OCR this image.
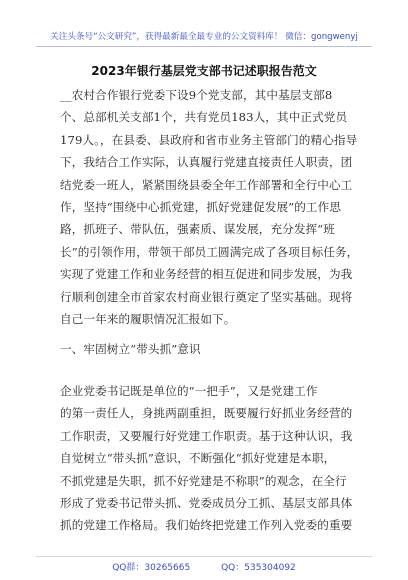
关注头条号“公文研究”，获得最新最全最专业的公文资料库！ 微信：gongwenyj
2023年银行基层党支部书记述职报告范文
__农村合作银行党委下设9个党支部，其中基层支部8
个、总部机关支部1个，共有党员183人，其中正式党员
179人。，在县委、县政府和省市业务主管部门的精心指导
下，我结合工作实际，认真履行党建直接责任人职责，团
结党委一班人，紧紧围绕县委全年工作部署和全行中心工
作，坚持“围绕中心抓党建，抓好党建促发展”的工作思
路，抓班子、带队伍，强素质、谋发展，充分发挥“班
长”的引领作用，带领干部员工圆满完成了各项目标任务，
实现了党建工作和业务经营的相互促进和同步发展，为我
行顺利创建全市首家农村商业银行奠定了坚实基础。现将
自己一年来的履职情况汇报如下。
一、牢固树立“带头抓”意识
企业党委书记既是单位的“一把手”，又是党建工作
的第一责任人，身挑两副重担，既要履行好抓业务经营的
工作职责，又要履行好党建工作职责。基于这种认识，我
自觉树立“带头抓”意识，不断强化“抓好党建是本职，
不抓党建是失职，抓不好党建是不称职”的观念，在全行
形成了党委书记带头抓、党委成员分工抓、基层支部具体
抓的党建工作格局。我们始终把党建工作列入党委的重要
QQ群：30265665	QQ：535304092
